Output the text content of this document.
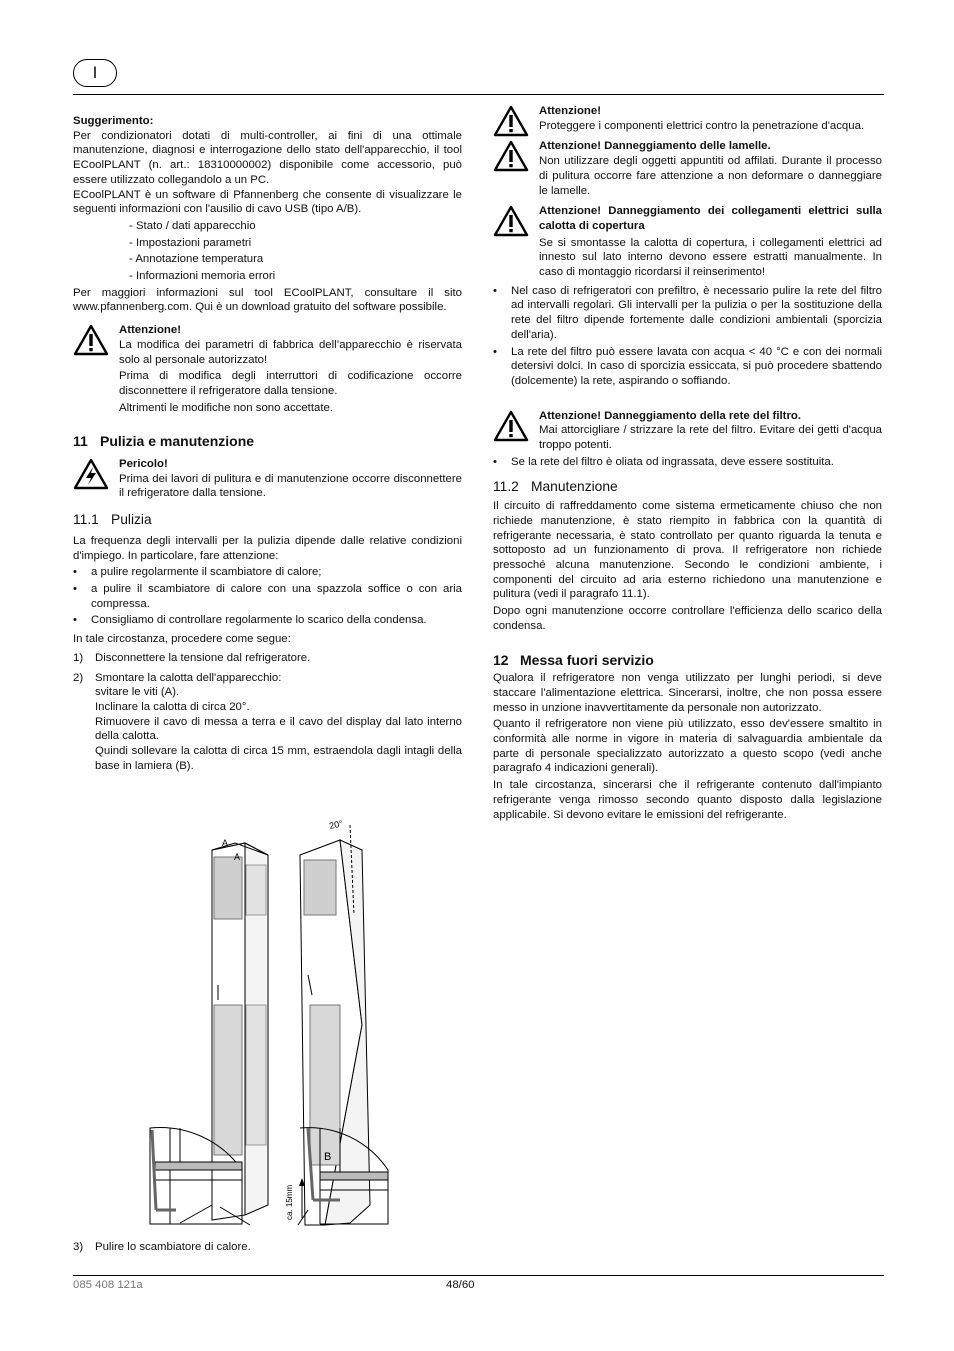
I

Suggerimento:

Per condizionatori dotati di multi-controller, ai fini di una ottimale manutenzione, diagnosi e interrogazione dello stato dell'apparecchio, il tool ECoolPLANT (n. art.: 18310000002) disponibile come accessorio, può essere utilizzato collegandolo a un PC.

ECoolPLANT è un software di Pfannenberg che consente di visualizzare le seguenti informazioni con l'ausilio di cavo USB (tipo A/B).

- Stato / dati apparecchio

- Impostazioni parametri

- Annotazione temperatura

- Informazioni memoria errori

Per maggiori informazioni sul tool ECoolPLANT, consultare il sito www.pfannenberg.com. Qui è un download gratuito del software possibile.

Attenzione!

La modifica dei parametri di fabbrica dell’apparecchio è riservata solo al personale autorizzato!

Prima di modifica degli interruttori di codificazione occorre disconnettere il refrigeratore dalla tensione.

Altrimenti le modifiche non sono accettate.

11 Pulizia e manutenzione

Pericolo!

Prima dei lavori di pulitura e di manutenzione occorre disconnettere il refrigeratore dalla tensione.

11.1 Pulizia

La frequenza degli intervalli per la pulizia dipende dalle relative condizioni d'impiego. In particolare, fare attenzione:

• a pulire regolarmente il scambiatore di calore;
• a pulire il scambiatore di calore con una spazzola soffice o con aria compressa.
• Consigliamo di controllare regolarmente lo scarico della condensa.

In tale circostanza, procedere come segue:

1) Disconnettere la tensione dal refrigeratore.
2) Smontare la calotta dell'apparecchio:
svitare le viti (A).
Inclinare la calotta di circa 20°.
Rimuovere il cavo di messa a terra e il cavo del display dal lato interno della calotta.
Quindi sollevare la calotta di circa 15 mm, estraendola dagli intagli della base in lamiera (B).
A
A
20°
B
ca. 15mm
3) Pulire lo scambiatore di calore.

Attenzione!

Proteggere i componenti elettrici contro la penetrazione d'acqua.

Attenzione! Danneggiamento delle lamelle.

Non utilizzare degli oggetti appuntiti od affilati. Durante il processo di pulitura occorre fare attenzione a non deformare o danneggiare le lamelle.

Attenzione! Danneggiamento dei collegamenti elettrici sulla calotta di copertura

Se si smontasse la calotta di copertura, i collegamenti elettrici ad innesto sul lato interno devono essere estratti manualmente. In caso di montaggio ricordarsi il reinserimento!

• Nel caso di refrigeratori con prefiltro, è necessario pulire la rete del filtro ad intervalli regolari. Gli intervalli per la pulizia o per la sostituzione della rete del filtro dipende fortemente dalle condizioni ambientali (sporcizia dell'aria).
• La rete del filtro può essere lavata con acqua < 40 °C e con dei normali detersivi dolci. In caso di sporcizia essiccata, si può procedere sbattendo (dolcemente) la rete, aspirando o soffiando.

Attenzione! Danneggiamento della rete del filtro.

Mai attorcigliare / strizzare la rete del filtro. Evitare dei getti d'acqua troppo potenti.

• Se la rete del filtro è oliata od ingrassata, deve essere sostituita.
11.2 Manutenzione

Il circuito di raffreddamento come sistema ermeticamente chiuso che non richiede manutenzione, è stato riempito in fabbrica con la quantità di refrigerante necessaria, è stato controllato per quanto riguarda la tenuta e sottoposto ad un funzionamento di prova. Il refrigeratore non richiede pressoché alcuna manutenzione. Secondo le condizioni ambiente, i componenti del circuito ad aria esterno richiedono una manutenzione e pulitura (vedi il paragrafo 11.1).

Dopo ogni manutenzione occorre controllare l'efficienza dello scarico della condensa.

12 Messa fuori servizio

Qualora il refrigeratore non venga utilizzato per lunghi periodi, si deve staccare l'alimentazione elettrica. Sincerarsi, inoltre, che non possa essere messo in unzione inavvertitamente da personale non autorizzato.

Quanto il refrigeratore non viene più utilizzato, esso dev'essere smaltito in conformità alle norme in vigore in materia di salvaguardia ambientale da parte di personale specializzato autorizzato a questo scopo (vedi anche paragrafo 4 indicazioni generali).

In tale circostanza, sincerarsi che il refrigerante contenuto dall'impianto refrigerante venga rimosso secondo quanto disposto dalla legislazione applicabile. Si devono evitare le emissioni del refrigerante.

085 408 121a	48/60
